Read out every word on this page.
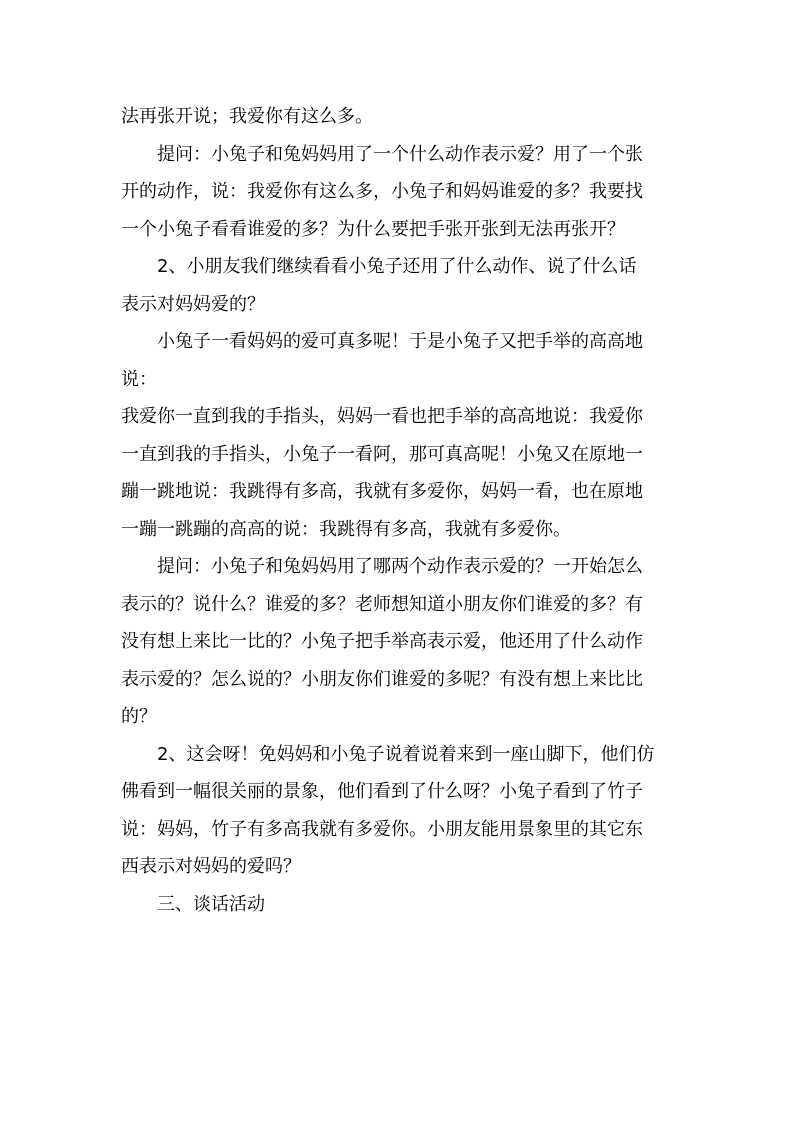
法再张开说；我爱你有这么多。

提问：小兔子和兔妈妈用了一个什么动作表示爱？用了一个张
开的动作，说：我爱你有这么多，小兔子和妈妈谁爱的多？我要找
一个小兔子看看谁爱的多？为什么要把手张开张到无法再张开？

2、小朋友我们继续看看小兔子还用了什么动作、说了什么话
表示对妈妈爱的？

小兔子一看妈妈的爱可真多呢！于是小兔子又把手举的高高地
说：

我爱你一直到我的手指头，妈妈一看也把手举的高高地说：我爱你
一直到我的手指头，小兔子一看阿，那可真高呢！小兔又在原地一
蹦一跳地说：我跳得有多高，我就有多爱你，妈妈一看，也在原地
一蹦一跳蹦的高高的说：我跳得有多高，我就有多爱你。

提问：小兔子和兔妈妈用了哪两个动作表示爱的？一开始怎么
表示的？说什么？谁爱的多？老师想知道小朋友你们谁爱的多？有
没有想上来比一比的？小兔子把手举高表示爱，他还用了什么动作
表示爱的？怎么说的？小朋友你们谁爱的多呢？有没有想上来比比
的？

2、这会呀！免妈妈和小兔子说着说着来到一座山脚下，他们仿
佛看到一幅很关丽的景象，他们看到了什么呀？小兔子看到了竹子
说：妈妈，竹子有多高我就有多爱你。小朋友能用景象里的其它东
西表示对妈妈的爱吗？

三、谈话活动
